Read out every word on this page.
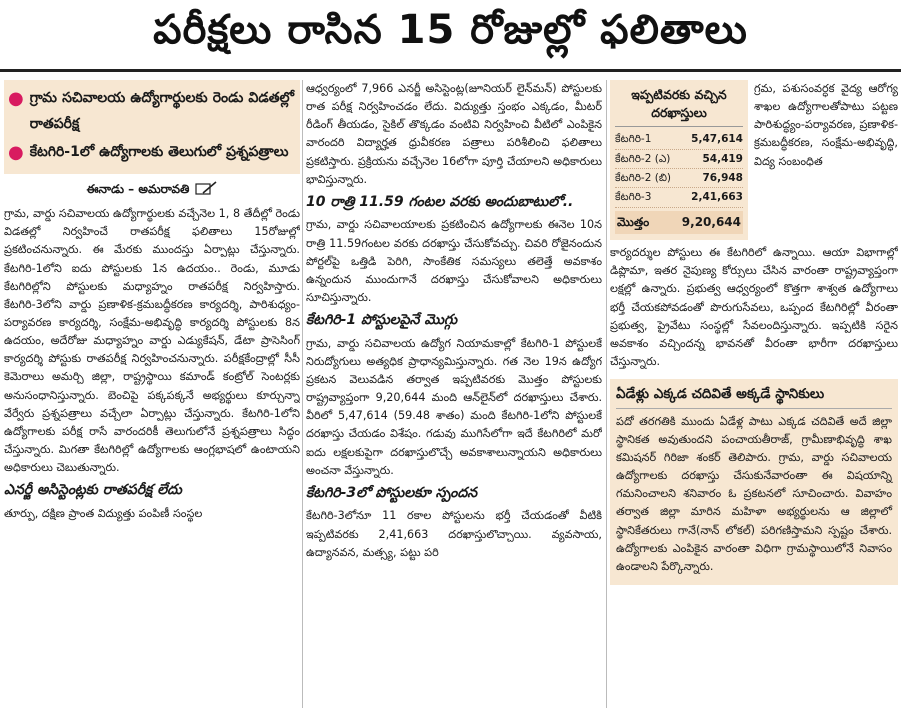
పరీక్షలు రాసిన 15 రోజుల్లో ఫలితాలు
● గ్రామ సచివాలయ ఉద్యోగార్థులకు రెండు విడతల్లో రాతపరీక్ష
● కేటగిరి-1లో ఉద్యోగాలకు తెలుగులో ప్రశ్నపత్రాలు
ఈనాడు – అమరావతి

గ్రామ, వార్డు సచివాలయ ఉద్యోగార్థులకు వచ్చేనెల 1, 8 తేదీల్లో రెండు విడతల్లో నిర్వహించే రాతపరీక్ష ఫలితాలు 15రోజుల్లో ప్రకటించనున్నారు. ఈ మేరకు ముందస్తు ఏర్పాట్లు చేస్తున్నారు. కేటగిరి-1లోని ఐదు పోస్టులకు 1న ఉదయం.. రెండు, మూడు కేటగిరిల్లోని పోస్టులకు మధ్యాహ్నం రాతపరీక్ష నిర్వహిస్తారు. కేటగిరి-3లోని వార్డు ప్రణాళిక-క్రమబద్ధీకరణ కార్యదర్శి, పారిశుధ్యం-పర్యావరణ కార్యదర్శి, సంక్షేమ-అభివృద్ధి కార్యదర్శి పోస్టులకు 8న ఉదయం, అదేరోజు మధ్యాహ్నం వార్డు ఎడ్యుకేషన్, డేటా ప్రాసెసింగ్ కార్యదర్శి పోస్టుకు రాతపరీక్ష నిర్వహించనున్నారు. పరీక్షకేంద్రాల్లో సీసీ కెమెరాలు అమర్చి జిల్లా, రాష్ట్రస్థాయి కమాండ్ కంట్రోల్ సెంటర్లకు అనుసంధానిస్తున్నారు. బెంచిపై పక్కపక్కనే అభ్యర్థులు కూర్చున్నా వేర్వేరు ప్రశ్నపత్రాలు వచ్చేలా ఏర్పాట్లు చేస్తున్నారు. కేటగిరి-1లోని ఉద్యోగాలకు పరీక్ష రాసే వారందరికీ తెలుగులోనే ప్రశ్నపత్రాలు సిద్ధం చేస్తున్నారు. మిగతా కేటగిరిల్లో ఉద్యోగాలకు ఆంగ్లభాషలో ఉంటాయని అధికారులు చెబుతున్నారు.

ఎనర్జీ అసిస్టెంట్లకు రాతపరీక్ష లేదు

తూర్పు, దక్షిణ ప్రాంత విద్యుత్తు పంపిణీ సంస్థల

ఆధ్వర్యంలో 7,966 ఎనర్జీ అసిస్టెంట్ల(జూనియర్ లైన్‌మన్) పోస్టులకు రాత పరీక్ష నిర్వహించడం లేదు. విద్యుత్తు స్తంభం ఎక్కడం, మీటర్ రీడింగ్ తీయడం, సైకిల్ తొక్కడం వంటివి నిర్వహించి వీటిలో ఎంపికైన వారందరి విద్యార్హత ధ్రువీకరణ పత్రాలు పరిశీలించి ఫలితాలు ప్రకటిస్తారు. ప్రక్రియను వచ్చేనెల 16లోగా పూర్తి చేయాలని అధికారులు భావిస్తున్నారు.

10 రాత్రి 11.59 గంటల వరకు అందుబాటులో..

గ్రామ, వార్డు సచివాలయాలకు ప్రకటించిన ఉద్యోగాలకు ఈనెల 10న రాత్రి 11.59గంటల వరకు దరఖాస్తు చేసుకోవచ్చు. చివరి రోజైనందున పోర్టల్‌పై ఒత్తిడి పెరిగి, సాంకేతిక సమస్యలు తలెత్తే అవకాశం ఉన్నందున ముందుగానే దరఖాస్తు చేసుకోవాలని అధికారులు సూచిస్తున్నారు.

కేటగిరి-1 పోస్టులపైనే మొగ్గు

గ్రామ, వార్డు సచివాలయ ఉద్యోగ నియామకాల్లో కేటగిరి-1 పోస్టులకే నిరుద్యోగులు అత్యధిక ప్రాధాన్యమిస్తున్నారు. గత నెల 19న ఉద్యోగ ప్రకటన వెలువడిన తర్వాత ఇప్పటివరకు మొత్తం పోస్టులకు రాష్ట్రవ్యాప్తంగా 9,20,644 మంది ఆన్‌లైన్‌లో దరఖాస్తులు చేశారు. వీరిలో 5,47,614 (59.48 శాతం) మంది కేటగిరి-1లోని పోస్టులకే దరఖాస్తు చేయడం విశేషం. గడువు ముగిసేలోగా ఇదే కేటగిరిలో మరో ఐదు లక్షలకుపైగా దరఖాస్తులొచ్చే అవకాశాలున్నాయని అధికారులు అంచనా వేస్తున్నారు.

కేటగిరి-3లో పోస్టులకూ స్పందన

కేటగిరి-3లోనూ 11 రకాల పోస్టులను భర్తీ చేయడంతో వీటికి ఇప్పటివరకు 2,41,663 దరఖాస్తులొచ్చాయి. వ్యవసాయ, ఉద్యానవన, మత్స్య, పట్టు పరి

ఇప్పటివరకు వచ్చిన దరఖాస్తులు
కేటగిరి-1	5,47,614
కేటగిరి-2 (ఎ)	54,419
కేటగిరి-2 (బి)	76,948
కేటగిరి-3	2,41,663
మొత్తం	9,20,644

గ్రమ, పశుసంవర్ధక వైద్య ఆరోగ్య శాఖల ఉద్యోగాలతోపాటు పట్టణ పారిశుద్ధ్యం-పర్యావరణ, ప్రణాళిక-క్రమబద్ధీకరణ, సంక్షేమ-అభివృద్ధి, విద్య సంబంధిత

కార్యదర్శుల పోస్టులు ఈ కేటగిరిలో ఉన్నాయి. ఆయా విభాగాల్లో డిప్లొమా, ఇతర నైపుణ్య కోర్సులు చేసిన వారంతా రాష్ట్రవ్యాప్తంగా లక్షల్లో ఉన్నారు. ప్రభుత్వ ఆధ్వర్యంలో కొత్తగా శాశ్వత ఉద్యోగాలు భర్తీ చేయకపోవడంతో పొరుగుసేవలు, ఒప్పంద కేటగిరిల్లో వీరంతా ప్రభుత్వ, ప్రైవేటు సంస్థల్లో సేవలందిస్తున్నారు. ఇప్పటికి సరైన అవకాశం వచ్చిందన్న భావనతో వీరంతా భారీగా దరఖాస్తులు చేస్తున్నారు.

ఏడేళ్లు ఎక్కడ చదివితే అక్కడే స్థానికులు

పదో తరగతికి ముందు ఏడేళ్ల పాటు ఎక్కడ చదివితే అదే జిల్లా స్థానికత అవుతుందని పంచాయతీరాజ్, గ్రామీణాభివృద్ధి శాఖ కమిషనర్ గిరిజా శంకర్ తెలిపారు. గ్రామ, వార్డు సచివాలయ ఉద్యోగాలకు దరఖాస్తు చేసుకునేవారంతా ఈ విషయాన్ని గమనించాలని శనివారం ఓ ప్రకటనలో సూచించారు. వివాహం తర్వాత జిల్లా మారిన మహిళా అభ్యర్థులను ఆ జిల్లాలో స్థానికేతరులు గానే(నాన్ లోకల్) పరిగణిస్తామని స్పష్టం చేశారు. ఉద్యోగాలకు ఎంపికైన వారంతా విధిగా గ్రామస్థాయిలోనే నివాసం ఉండాలని పేర్కొన్నారు.
